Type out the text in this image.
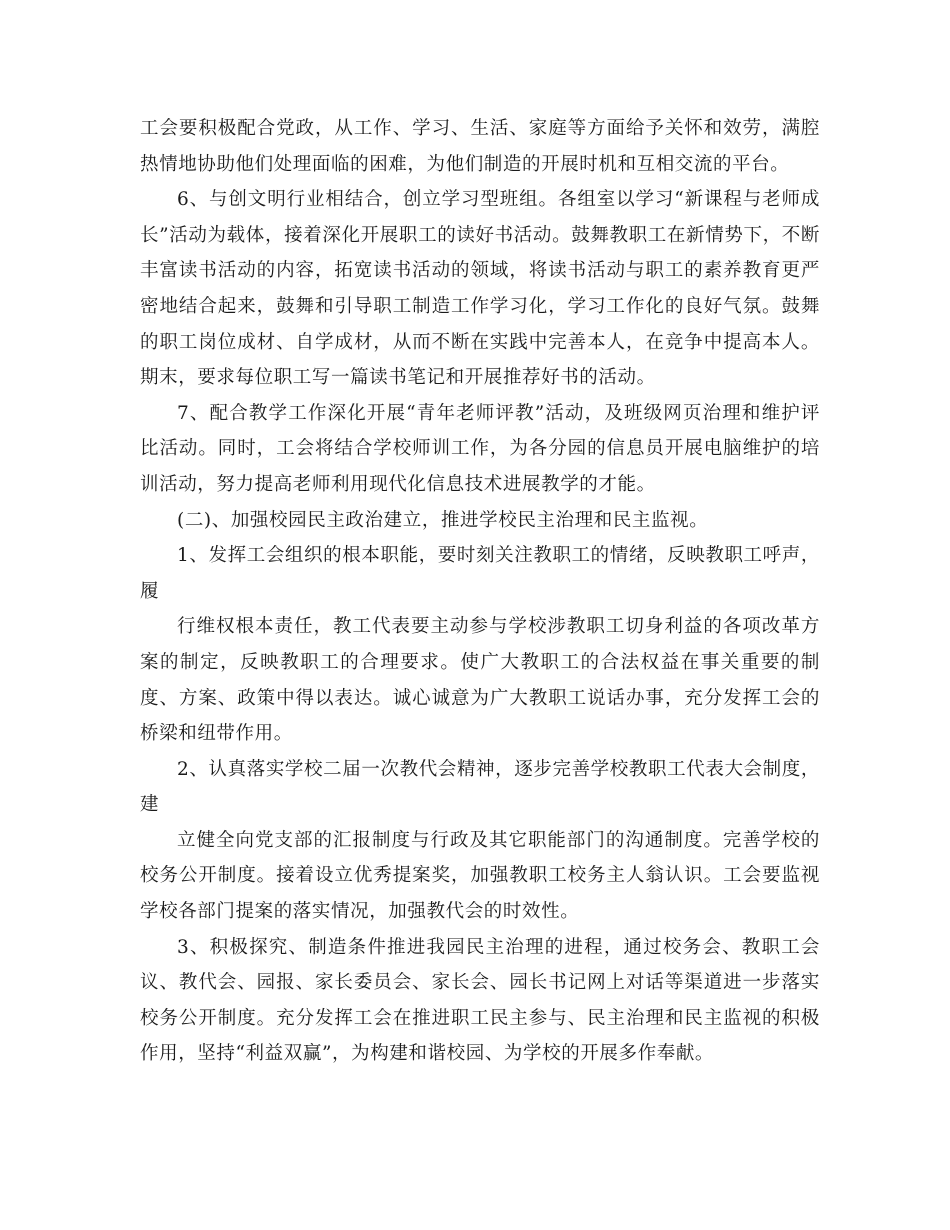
工会要积极配合党政，从工作、学习、生活、家庭等方面给予关怀和效劳，满腔热情地协助他们处理面临的困难，为他们制造的开展时机和互相交流的平台。

6、与创文明行业相结合，创立学习型班组。各组室以学习“新课程与老师成长”活动为载体，接着深化开展职工的读好书活动。鼓舞教职工在新情势下，不断丰富读书活动的内容，拓宽读书活动的领域，将读书活动与职工的素养教育更严密地结合起来，鼓舞和引导职工制造工作学习化，学习工作化的良好气氛。鼓舞的职工岗位成材、自学成材，从而不断在实践中完善本人，在竞争中提高本人。期末，要求每位职工写一篇读书笔记和开展推荐好书的活动。

7、配合教学工作深化开展“青年老师评教”活动，及班级网页治理和维护评比活动。同时，工会将结合学校师训工作，为各分园的信息员开展电脑维护的培训活动，努力提高老师利用现代化信息技术进展教学的才能。

(二)、加强校园民主政治建立，推进学校民主治理和民主监视。

1、发挥工会组织的根本职能，要时刻关注教职工的情绪，反映教职工呼声，履

行维权根本责任，教工代表要主动参与学校涉教职工切身利益的各项改革方案的制定，反映教职工的合理要求。使广大教职工的合法权益在事关重要的制度、方案、政策中得以表达。诚心诚意为广大教职工说话办事，充分发挥工会的桥梁和纽带作用。

2、认真落实学校二届一次教代会精神，逐步完善学校教职工代表大会制度，建

立健全向党支部的汇报制度与行政及其它职能部门的沟通制度。完善学校的校务公开制度。接着设立优秀提案奖，加强教职工校务主人翁认识。工会要监视学校各部门提案的落实情况，加强教代会的时效性。

3、积极探究、制造条件推进我园民主治理的进程，通过校务会、教职工会议、教代会、园报、家长委员会、家长会、园长书记网上对话等渠道进一步落实校务公开制度。充分发挥工会在推进职工民主参与、民主治理和民主监视的积极作用，坚持“利益双赢”，为构建和谐校园、为学校的开展多作奉献。
